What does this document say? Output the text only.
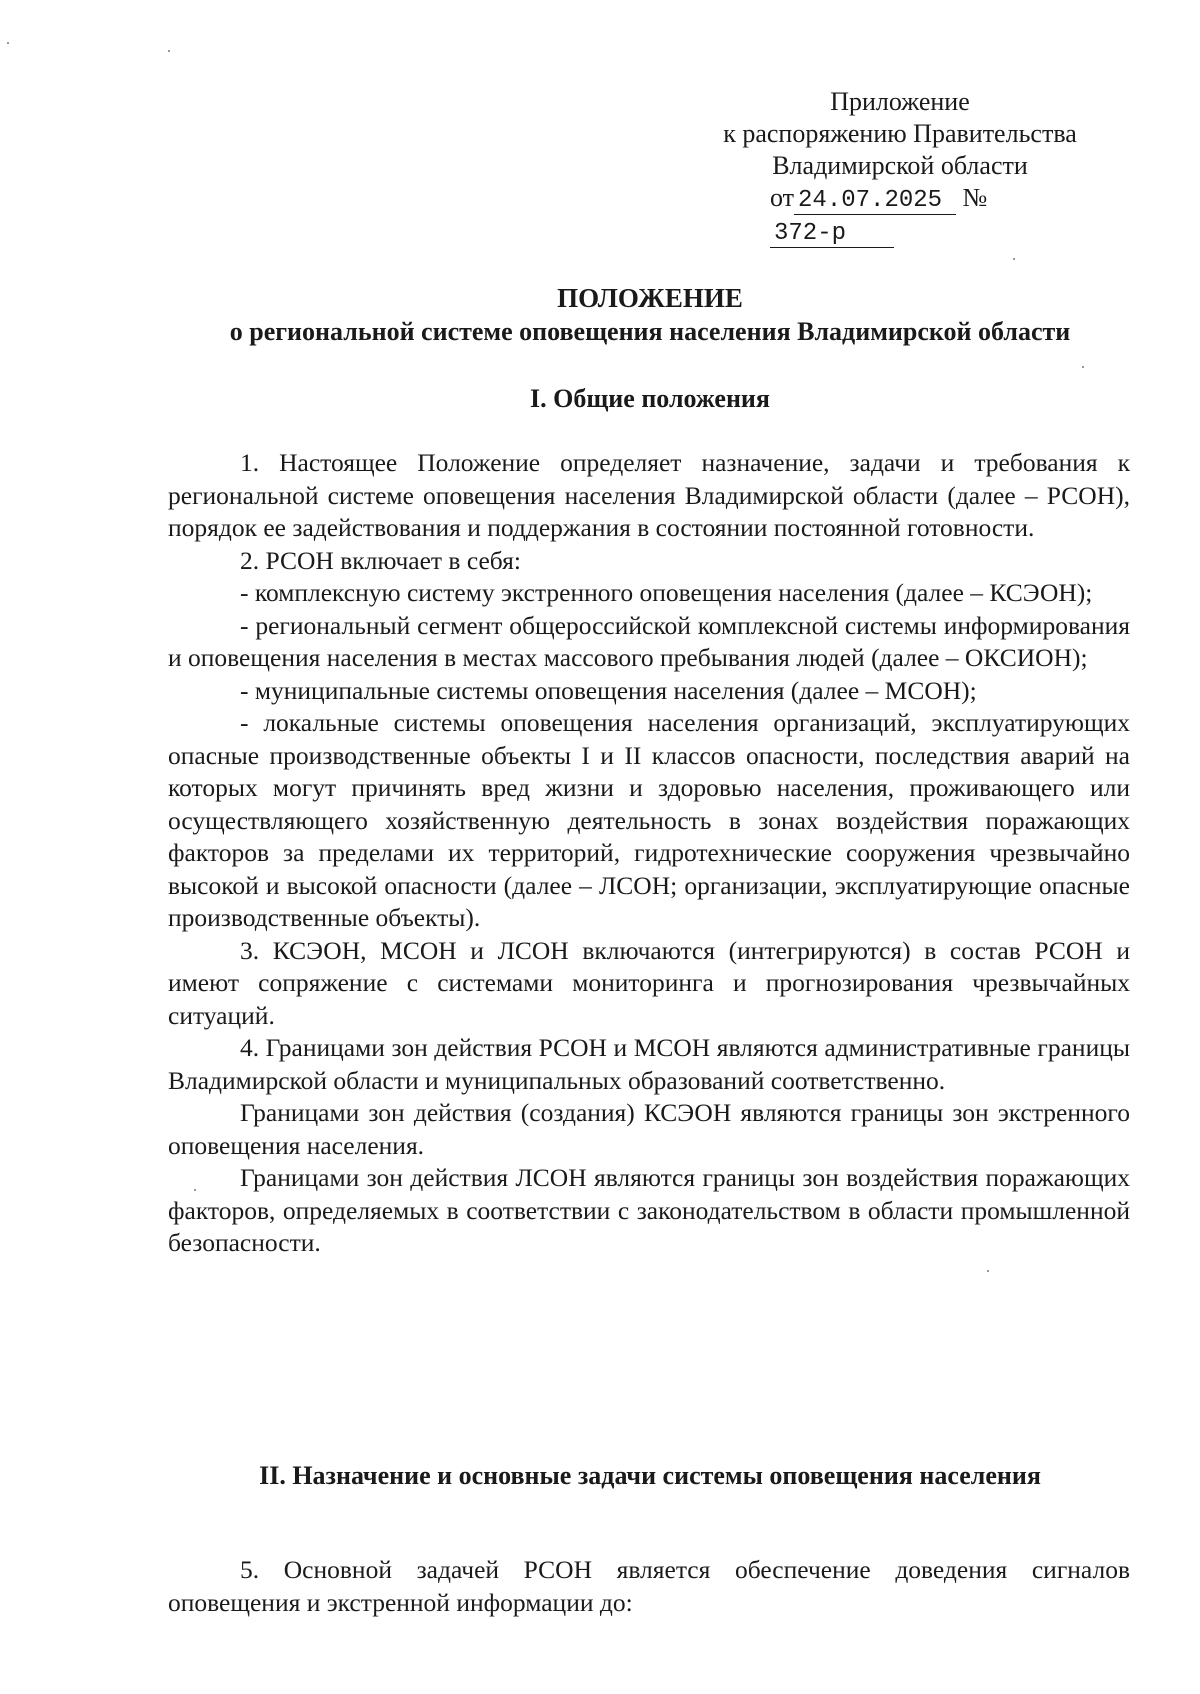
Приложение
к распоряжению Правительства
Владимирской области
от 24.07.2025 №372-р
ПОЛОЖЕНИЕ
о региональной системе оповещения населения Владимирской области
I. Общие положения

1. Настоящее Положение определяет назначение, задачи и требования к региональной системе оповещения населения Владимирской области (далее – РСОН), порядок ее задействования и поддержания в состоянии постоянной готовности.

2. РСОН включает в себя:

- комплексную систему экстренного оповещения населения (далее – КСЭОН);

- региональный сегмент общероссийской комплексной системы информирования и оповещения населения в местах массового пребывания людей (далее – ОКСИОН);

- муниципальные системы оповещения населения (далее – МСОН);

- локальные системы оповещения населения организаций, эксплуатирующих опасные производственные объекты I и II классов опасности, последствия аварий на которых могут причинять вред жизни и здоровью населения, проживающего или осуществляющего хозяйственную деятельность в зонах воздействия поражающих факторов за пределами их территорий, гидротехнические сооружения чрезвычайно высокой и высокой опасности (далее – ЛСОН; организации, эксплуатирующие опасные производственные объекты).

3. КСЭОН, МСОН и ЛСОН включаются (интегрируются) в состав РСОН и имеют сопряжение с системами мониторинга и прогнозирования чрезвычайных ситуаций.

4. Границами зон действия РСОН и МСОН являются административные границы Владимирской области и муниципальных образований соответственно.

Границами зон действия (создания) КСЭОН являются границы зон экстренного оповещения населения.

Границами зон действия ЛСОН являются границы зон воздействия поражающих факторов, определяемых в соответствии с законодательством в области промышленной безопасности.

II. Назначение и основные задачи системы оповещения населения

5. Основной задачей РСОН является обеспечение доведения сигналов оповещения и экстренной информации до:
